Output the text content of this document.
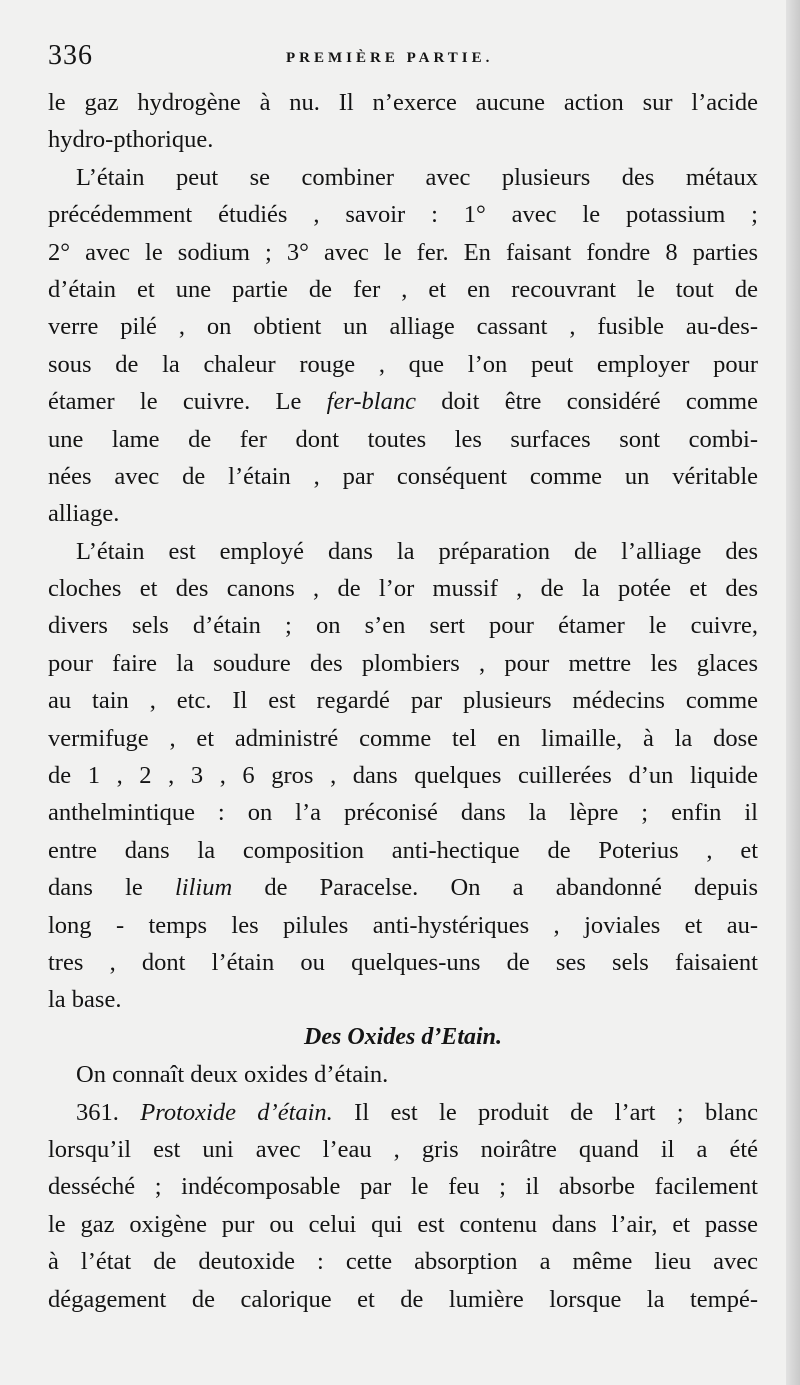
336	PREMIÈRE PARTIE.
le gaz hydrogène à nu. Il n’exerce aucune action sur l’acide
hydro-pthorique.
L’étain peut se combiner avec plusieurs des métaux
précédemment étudiés , savoir : 1° avec le potassium ;
2° avec le sodium ; 3° avec le fer. En faisant fondre 8 parties
d’étain et une partie de fer , et en recouvrant le tout de
verre pilé , on obtient un alliage cassant , fusible au-des-
sous de la chaleur rouge , que l’on peut employer pour
étamer le cuivre. Le fer-blanc doit être considéré comme
une lame de fer dont toutes les surfaces sont combi-
nées avec de l’étain , par conséquent comme un véritable
alliage.
L’étain est employé dans la préparation de l’alliage des
cloches et des canons , de l’or mussif , de la potée et des
divers sels d’étain ; on s’en sert pour étamer le cuivre,
pour faire la soudure des plombiers , pour mettre les glaces
au tain , etc. Il est regardé par plusieurs médecins comme
vermifuge , et administré comme tel en limaille, à la dose
de 1 , 2 , 3 , 6 gros , dans quelques cuillerées d’un liquide
anthelmintique : on l’a préconisé dans la lèpre ; enfin il
entre dans la composition anti-hectique de Poterius , et
dans le lilium de Paracelse. On a abandonné depuis
long - temps les pilules anti-hystériques , joviales et au-
tres , dont l’étain ou quelques-uns de ses sels faisaient
la base.
Des Oxides d’Etain.
On connaît deux oxides d’étain.
361. Protoxide d’étain. Il est le produit de l’art ; blanc
lorsqu’il est uni avec l’eau , gris noirâtre quand il a été
desséché ; indécomposable par le feu ; il absorbe facilement
le gaz oxigène pur ou celui qui est contenu dans l’air, et passe
à l’état de deutoxide : cette absorption a même lieu avec
dégagement de calorique et de lumière lorsque la tempé-
